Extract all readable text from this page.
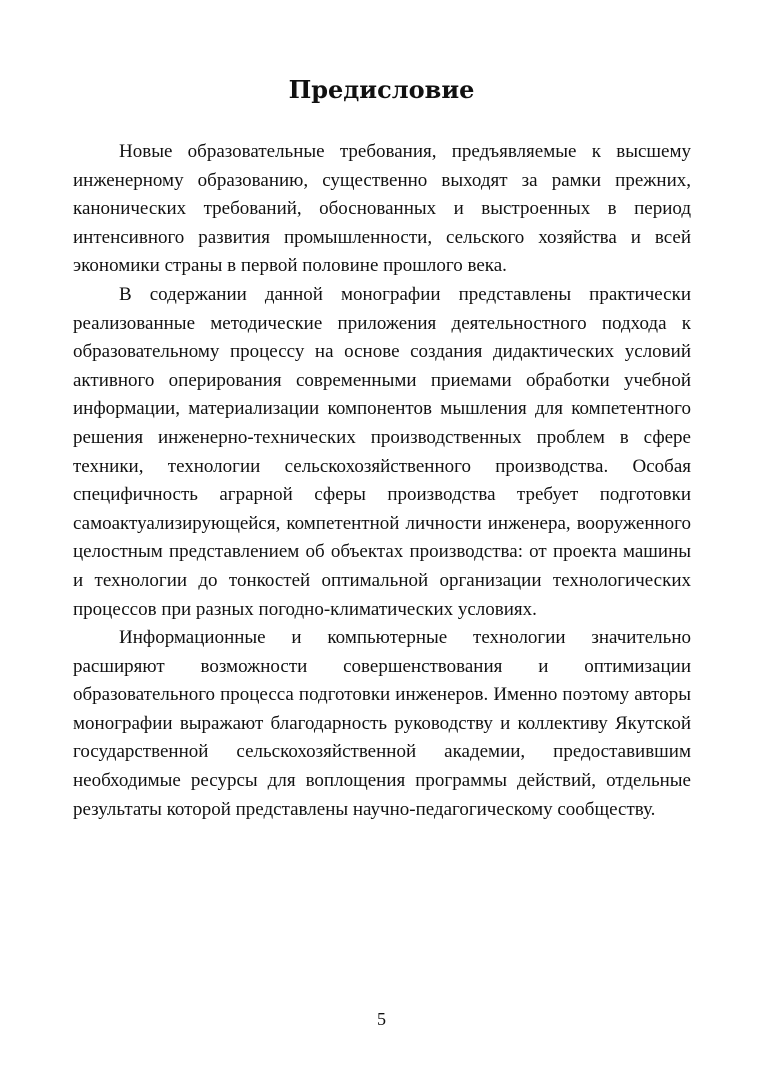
Предисловие

Новые образовательные требования, предъявляемые к высшему инженерному образованию, существенно выходят за рамки прежних, канонических требований, обоснованных и выстроенных в период интенсивного развития промышленности, сельского хозяйства и всей экономики страны в первой половине прошлого века.

В содержании данной монографии представлены практически реализованные методические приложения деятельностного подхода к образовательному процессу на основе создания дидактических условий активного оперирования современными приемами обработки учебной информации, материализации компонентов мышления для компетентного решения инженерно-технических производственных проблем в сфере техники, технологии сельскохозяйственного производства. Особая специфичность аграрной сферы производства требует подготовки самоактуализирующейся, компетентной личности инженера, вооруженного целостным представлением об объектах производства: от проекта машины и технологии до тонкостей оптимальной организации технологических процессов при разных погодно-климатических условиях.

Информационные и компьютерные технологии значительно расширяют возможности совершенствования и оптимизации образовательного процесса подготовки инженеров. Именно поэтому авторы монографии выражают благодарность руководству и коллективу Якутской государственной сельскохозяйственной академии, предоставившим необходимые ресурсы для воплощения программы действий, отдельные результаты которой представлены научно-педагогическому сообществу.

5
